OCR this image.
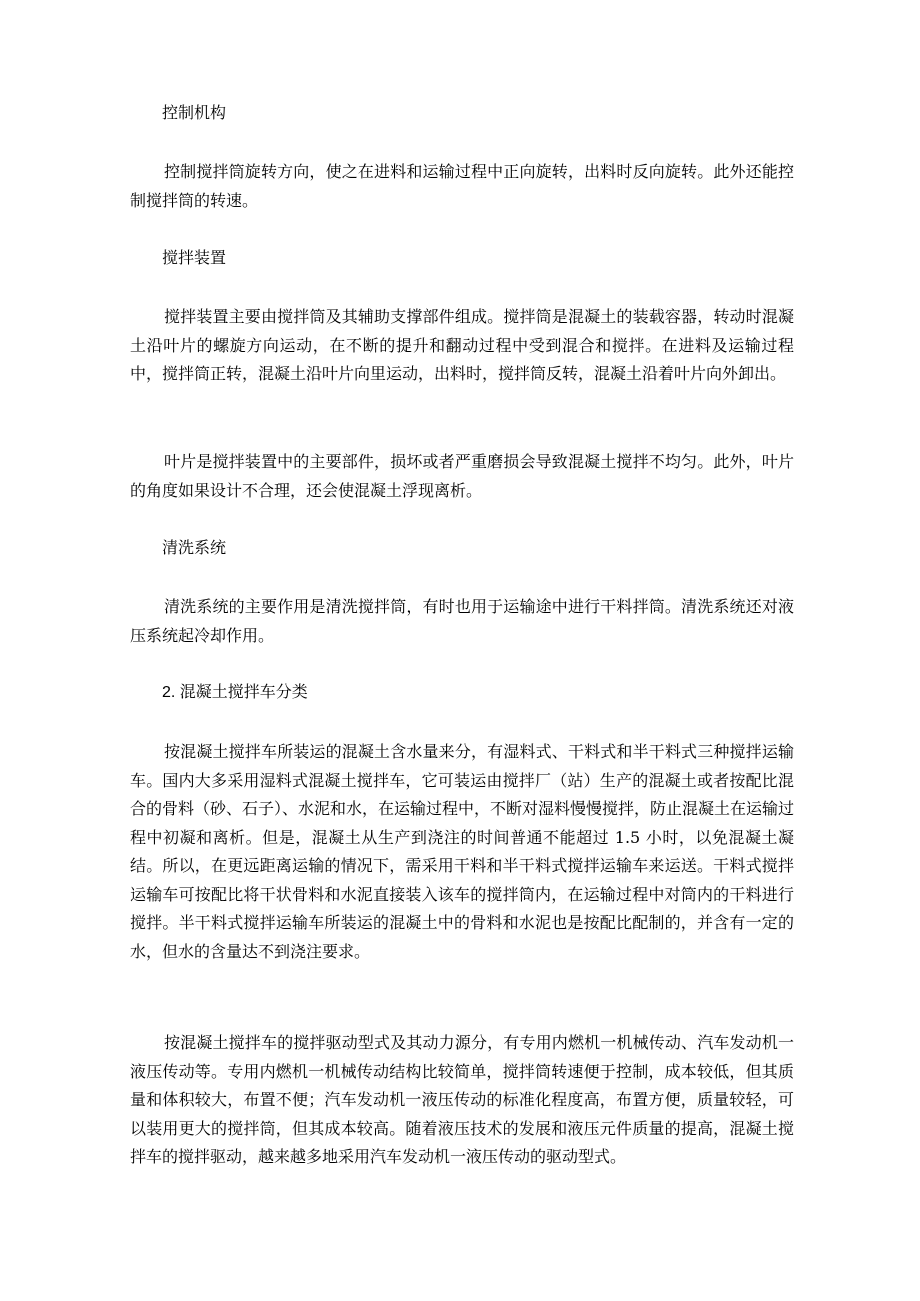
控制机构

控制搅拌筒旋转方向，使之在进料和运输过程中正向旋转，出料时反向旋转。此外还能控制搅拌筒的转速。

搅拌装置

搅拌装置主要由搅拌筒及其辅助支撑部件组成。搅拌筒是混凝土的装载容器，转动时混凝土沿叶片的螺旋方向运动，在不断的提升和翻动过程中受到混合和搅拌。在进料及运输过程中，搅拌筒正转，混凝土沿叶片向里运动，出料时，搅拌筒反转，混凝土沿着叶片向外卸出。

叶片是搅拌装置中的主要部件，损坏或者严重磨损会导致混凝土搅拌不均匀。此外，叶片的角度如果设计不合理，还会使混凝土浮现离析。

清洗系统

清洗系统的主要作用是清洗搅拌筒，有时也用于运输途中进行干料拌筒。清洗系统还对液压系统起冷却作用。

2. 混凝土搅拌车分类

按混凝土搅拌车所装运的混凝土含水量来分，有湿料式、干料式和半干料式三种搅拌运输车。国内大多采用湿料式混凝土搅拌车，它可装运由搅拌厂（站）生产的混凝土或者按配比混合的骨料（砂、石子）、水泥和水，在运输过程中，不断对湿料慢慢搅拌，防止混凝土在运输过程中初凝和离析。但是，混凝土从生产到浇注的时间普通不能超过 1.5 小时，以免混凝土凝结。所以，在更远距离运输的情况下，需采用干料和半干料式搅拌运输车来运送。干料式搅拌运输车可按配比将干状骨料和水泥直接装入该车的搅拌筒内，在运输过程中对筒内的干料进行搅拌。半干料式搅拌运输车所装运的混凝土中的骨料和水泥也是按配比配制的，并含有一定的水，但水的含量达不到浇注要求。

按混凝土搅拌车的搅拌驱动型式及其动力源分，有专用内燃机一机械传动、汽车发动机一液压传动等。专用内燃机一机械传动结构比较简单，搅拌筒转速便于控制，成本较低，但其质量和体积较大，布置不便；汽车发动机一液压传动的标准化程度高，布置方便，质量较轻，可以装用更大的搅拌筒，但其成本较高。随着液压技术的发展和液压元件质量的提高，混凝土搅拌车的搅拌驱动，越来越多地采用汽车发动机一液压传动的驱动型式。
